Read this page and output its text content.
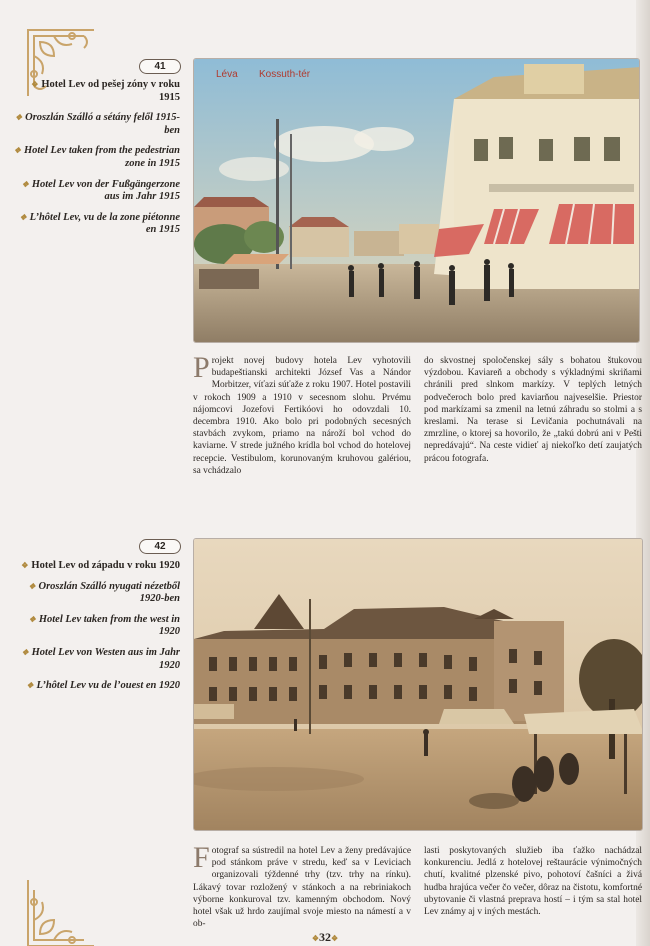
41
❖ Hotel Lev od pešej zóny v roku 1915
❖ Oroszlán Szálló a sétány felől 1915-ben
❖ Hotel Lev taken from the pedestrian zone in 1915
❖ Hotel Lev von der Fußgängerzone aus im Jahr 1915
❖ L’hôtel Lev, vu de la zone piétonne en 1915
Léva Kossuth-tér
Projekt novej budovy hotela Lev vyhotovili budapeštianski architekti József Vas a Nándor Morbitzer, víťazi súťaže z roku 1907. Hotel postavili v rokoch 1909 a 1910 v secesnom slohu. Prvému nájomcovi Jozefovi Fertikóovi ho odovzdali 10. decembra 1910. Ako bolo pri podobných secesných stavbách zvykom, priamo na nároží bol vchod do kaviarne. V strede južného krídla bol vchod do hotelovej recepcie. Vestibulom, korunovaným kruhovou galériou, sa vchádzalo
do skvostnej spoločenskej sály s bohatou štukovou výzdobou. Kaviareň a obchody s výkladnými skriňami chránili pred slnkom markízy. V teplých letných podvečeroch bolo pred kaviarňou najveselšie. Priestor pod markízami sa zmenil na letnú záhradu so stolmi a s kreslami. Na terase si Levičania pochutnávali na zmrzline, o ktorej sa hovorilo, že „takú dobrú ani v Pešti nepredávajú“. Na ceste vidieť aj niekoľko detí zaujatých prácou fotografa.
42
❖ Hotel Lev od západu v roku 1920
❖ Oroszlán Szálló nyugati nézetből 1920-ben
❖ Hotel Lev taken from the west in 1920
❖ Hotel Lev von Westen aus im Jahr 1920
❖ L’hôtel Lev vu de l’ouest en 1920
Fotograf sa sústredil na hotel Lev a ženy predávajúce pod stánkom práve v stredu, keď sa v Leviciach organizovali týždenné trhy (tzv. trhy na rínku). Lákavý tovar rozložený v stánkoch a na rebriniakoch výborne konkuroval tzv. kamenným obchodom. Nový hotel však už hrdo zaujímal svoje miesto na námestí a v ob-
lasti poskytovaných služieb iba ťažko nachádzal konkurenciu. Jedlá z hotelovej reštaurácie výnimočných chutí, kvalitné plzenské pivo, pohotoví čašníci a živá hudba hrajúca večer čo večer, dôraz na čistotu, komfortné ubytovanie či vlastná preprava hostí – i tým sa stal hotel Lev známy aj v iných mestách.
❖32❖
